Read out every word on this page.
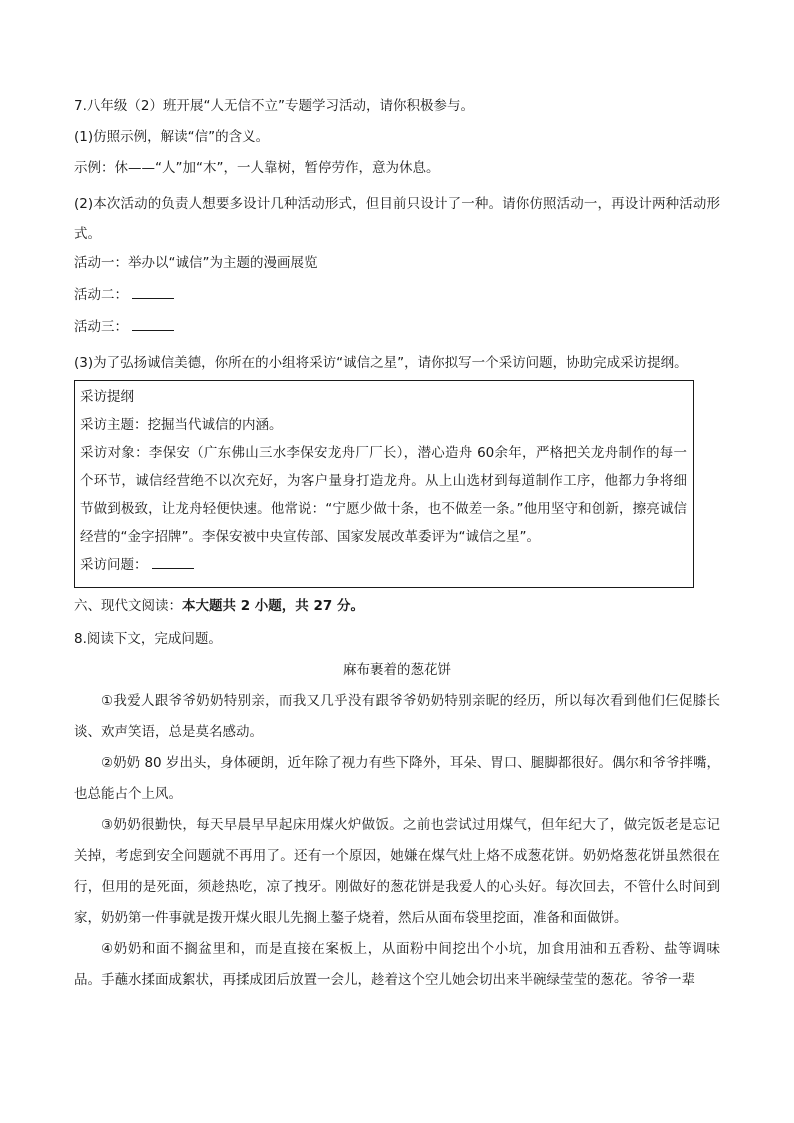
7.八年级（2）班开展“人无信不立”专题学习活动，请你积极参与。
(1)仿照示例，解读“信”的含义。
示例：休——“人”加“木”，一人靠树，暂停劳作，意为休息。
(2)本次活动的负责人想要多设计几种活动形式，但目前只设计了一种。请你仿照活动一，再设计两种活动形式。
活动一：举办以“诚信”为主题的漫画展览
活动二：
活动三：
(3)为了弘扬诚信美德，你所在的小组将采访“诚信之星”，请你拟写一个采访问题，协助完成采访提纲。
采访提纲
采访主题：挖掘当代诚信的内涵。
采访对象：李保安（广东佛山三水李保安龙舟厂厂长），潜心造舟 60余年，严格把关龙舟制作的每一个环节，诚信经营绝不以次充好，为客户量身打造龙舟。从上山选材到每道制作工序，他都力争将细节做到极致，让龙舟轻便快速。他常说：“宁愿少做十条，也不做差一条。”他用坚守和创新，擦亮诚信经营的“金字招牌”。李保安被中央宣传部、国家发展改革委评为“诚信之星”。
采访问题：
六、现代文阅读：本大题共 2 小题，共 27 分。
8.阅读下文，完成问题。
麻布裹着的葱花饼
①我爱人跟爷爷奶奶特别亲，而我又几乎没有跟爷爷奶奶特别亲昵的经历，所以每次看到他们仨促膝长谈、欢声笑语，总是莫名感动。
②奶奶 80 岁出头，身体硬朗，近年除了视力有些下降外，耳朵、胃口、腿脚都很好。偶尔和爷爷拌嘴，也总能占个上风。
③奶奶很勤快，每天早晨早早起床用煤火炉做饭。之前也尝试过用煤气，但年纪大了，做完饭老是忘记关掉，考虑到安全问题就不再用了。还有一个原因，她嫌在煤气灶上烙不成葱花饼。奶奶烙葱花饼虽然很在行，但用的是死面，须趁热吃，凉了拽牙。刚做好的葱花饼是我爱人的心头好。每次回去，不管什么时间到家，奶奶第一件事就是拨开煤火眼儿先搁上鏊子烧着，然后从面布袋里挖面，准备和面做饼。
④奶奶和面不搁盆里和，而是直接在案板上，从面粉中间挖出个小坑，加食用油和五香粉、盐等调味品。手蘸水揉面成絮状，再揉成团后放置一会儿，趁着这个空儿她会切出来半碗绿莹莹的葱花。爷爷一辈
